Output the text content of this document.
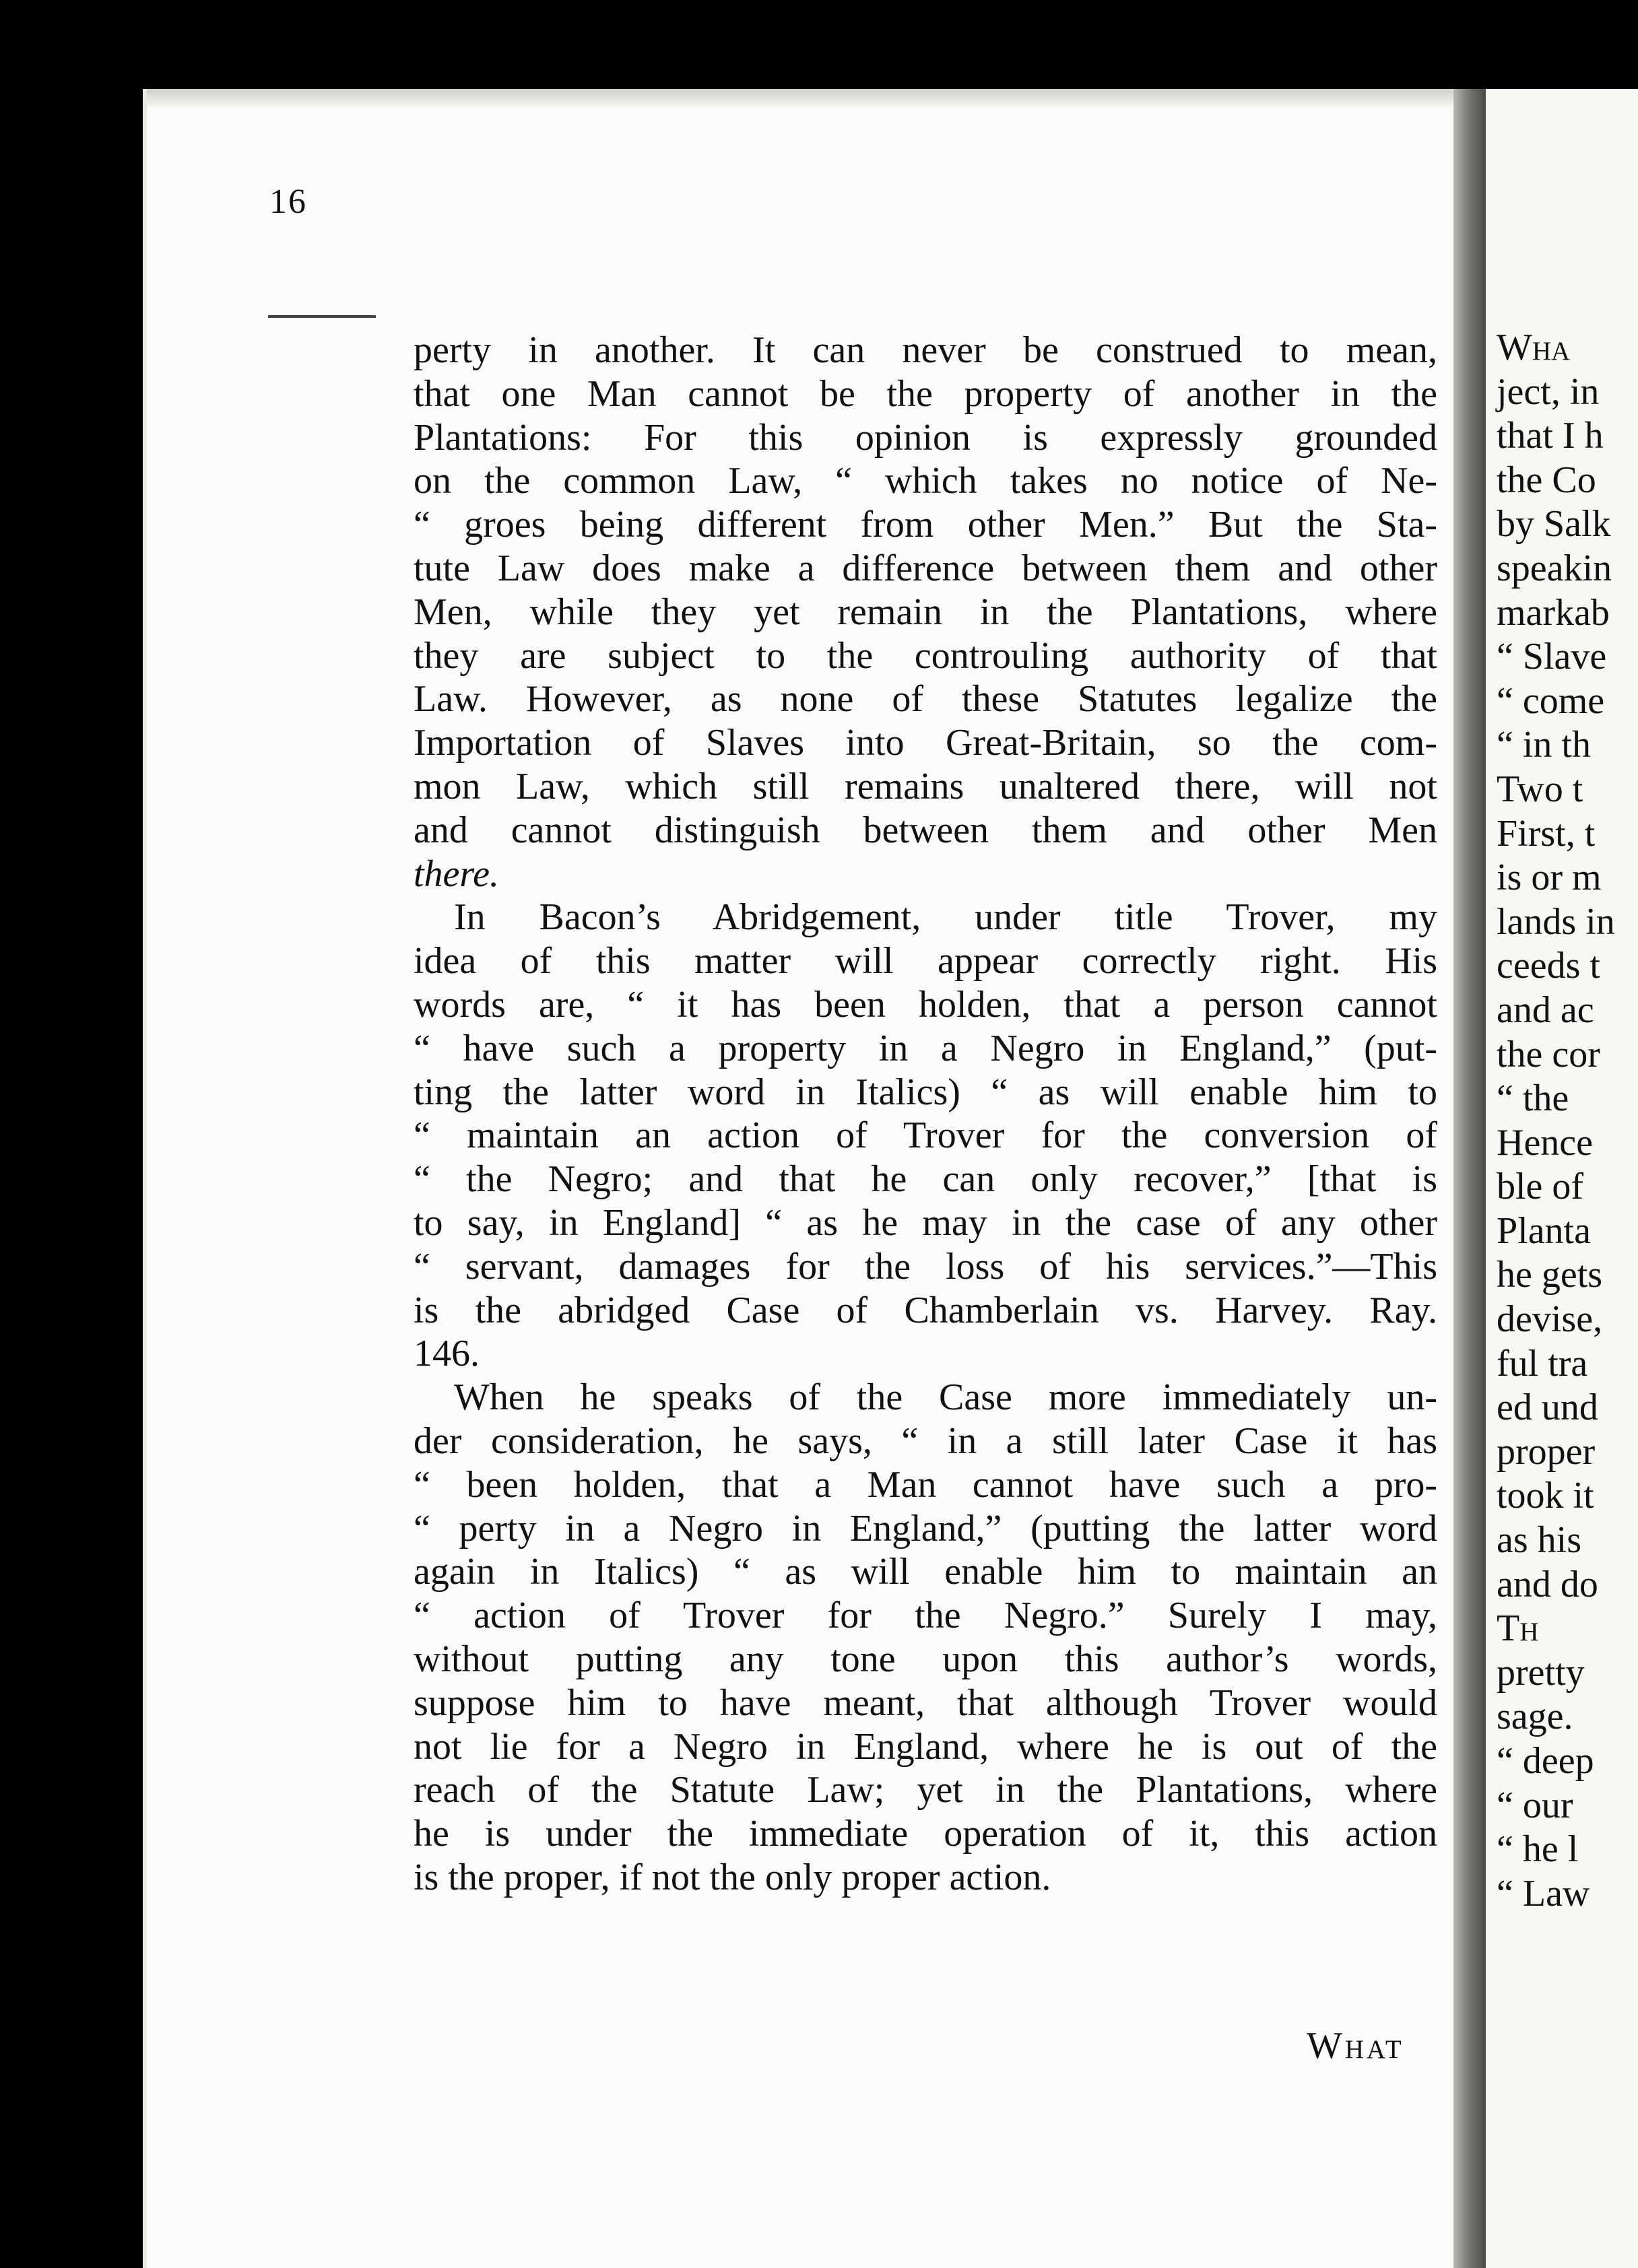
Wha
ject, in
that I h
the Co
by Salk
speakin
markab
“ Slave
“ come
“ in th
Two t
First, t
is or m
lands in
ceeds t
and ac
the cor
“ the
Hence
ble of
Planta
he gets
devise,
ful tra
ed und
proper
took it
as his
and do
Th
pretty
sage.
“ deep
“ our
“ he l
“ Law
16
perty in another. It can never be construed to mean,
that one Man cannot be the property of another in the
Plantations: For this opinion is expressly grounded
on the common Law, “ which takes no notice of Ne-
“ groes being different from other Men.” But the Sta-
tute Law does make a difference between them and other
Men, while they yet remain in the Plantations, where
they are subject to the controuling authority of that
Law. However, as none of these Statutes legalize the
Importation of Slaves into Great-Britain, so the com-
mon Law, which still remains unaltered there, will not
and cannot distinguish between them and other Men
there.
In Bacon’s Abridgement, under title Trover, my
idea of this matter will appear correctly right. His
words are, “ it has been holden, that a person cannot
“ have such a property in a Negro in England,” (put-
ting the latter word in Italics) “ as will enable him to
“ maintain an action of Trover for the conversion of
“ the Negro; and that he can only recover,” [that is
to say, in England] “ as he may in the case of any other
“ servant, damages for the loss of his services.”—This
is the abridged Case of Chamberlain vs. Harvey. Ray.
146.
When he speaks of the Case more immediately un-
der consideration, he says, “ in a still later Case it has
“ been holden, that a Man cannot have such a pro-
“ perty in a Negro in England,” (putting the latter word
again in Italics) “ as will enable him to maintain an
“ action of Trover for the Negro.” Surely I may,
without putting any tone upon this author’s words,
suppose him to have meant, that although Trover would
not lie for a Negro in England, where he is out of the
reach of the Statute Law; yet in the Plantations, where
he is under the immediate operation of it, this action
is the proper, if not the only proper action.

What
